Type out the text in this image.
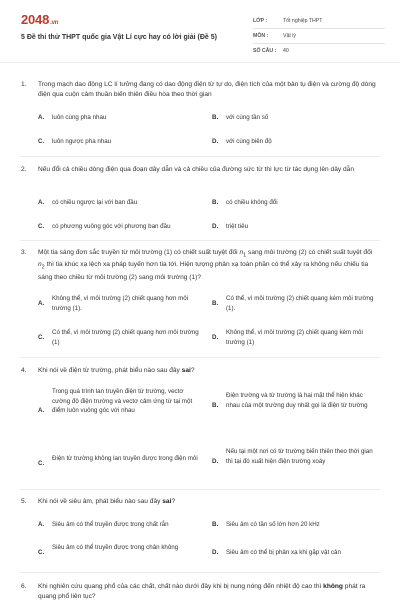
2048.vn
5 Đề thi thử THPT quốc gia Vật Lí cực hay có lời giải (Đề 5)
LỚP :	Tốt nghiệp THPT
MÔN :	Vật lý
SỐ CÂU : 40
1. Trong mạch dao động LC lí tưởng đang có dao động điện từ tự do, điện tích của một bản tụ điện và cường độ dòng điện qua cuộn cảm thuần biến thiên điều hòa theo thời gian
A. luôn cùng pha nhau	B. với cùng tần số
C. luôn ngược pha nhau	D. với cùng biên độ
2. Nếu đổi cả chiều dòng điện qua đoạn dây dẫn và cả chiều của đường sức từ thì lực từ tác dụng lên dây dẫn
A. có chiều ngược lại với ban đầu	B. có chiều không đổi
C. có phương vuông góc với phương ban đầu	D. triệt tiêu
3. Một tia sáng đơn sắc truyền từ môi trường (1) có chiết suất tuyệt đối $n_1$ sang môi trường (2) có chiết suất tuyệt đối $n_2$ thì tia khúc xạ lệch xa pháp tuyến hơn tia tới. Hiện tượng phản xạ toàn phần có thể xảy ra không nếu chiếu tia sáng theo chiều từ môi trường (2) sang môi trường (1)?
A.
Không thể, vì môi trường (2) chiết quang hơn môi trường (1).
B.
Có thể, vì môi trường (2) chiết quang kém môi trường (1).
C.
Có thể, vì môi trường (2) chiết quang hơn môi trường (1)
D.
Không thể, vì môi trường (2) chiết quang kém môi trường (1)
4. Khi nói về điện từ trường, phát biểu nào sau đây sai?
A.
Trong quá trình lan truyền điện từ trường, vectơ cường độ điện trường và vectơ cảm ứng từ tại một điểm luôn vuông góc với nhau
B.
Điện trường và từ trường là hai mặt thể hiện khác nhau của một trường duy nhất gọi là điện từ trường
C.
Điện từ trường không lan truyền được trong điện môi	D.
Nếu tại một nơi có từ trường biến thiên theo thời gian thì tại đó xuất hiện điện trường xoáy
5. Khi nói về siêu âm, phát biểu nào sau đây sai?
A. Siêu âm có thể truyền được trong chất rắn	B. Siêu âm có tần số lớn hơn 20 kHz
C.
Siêu âm có thể truyền được trong chân không
D. Siêu âm có thể bị phản xạ khi gặp vật cản
6. Khi nghiên cứu quang phổ của các chất, chất nào dưới đây khi bị nung nóng đến nhiệt độ cao thì không phát ra quang phổ liên tục?
